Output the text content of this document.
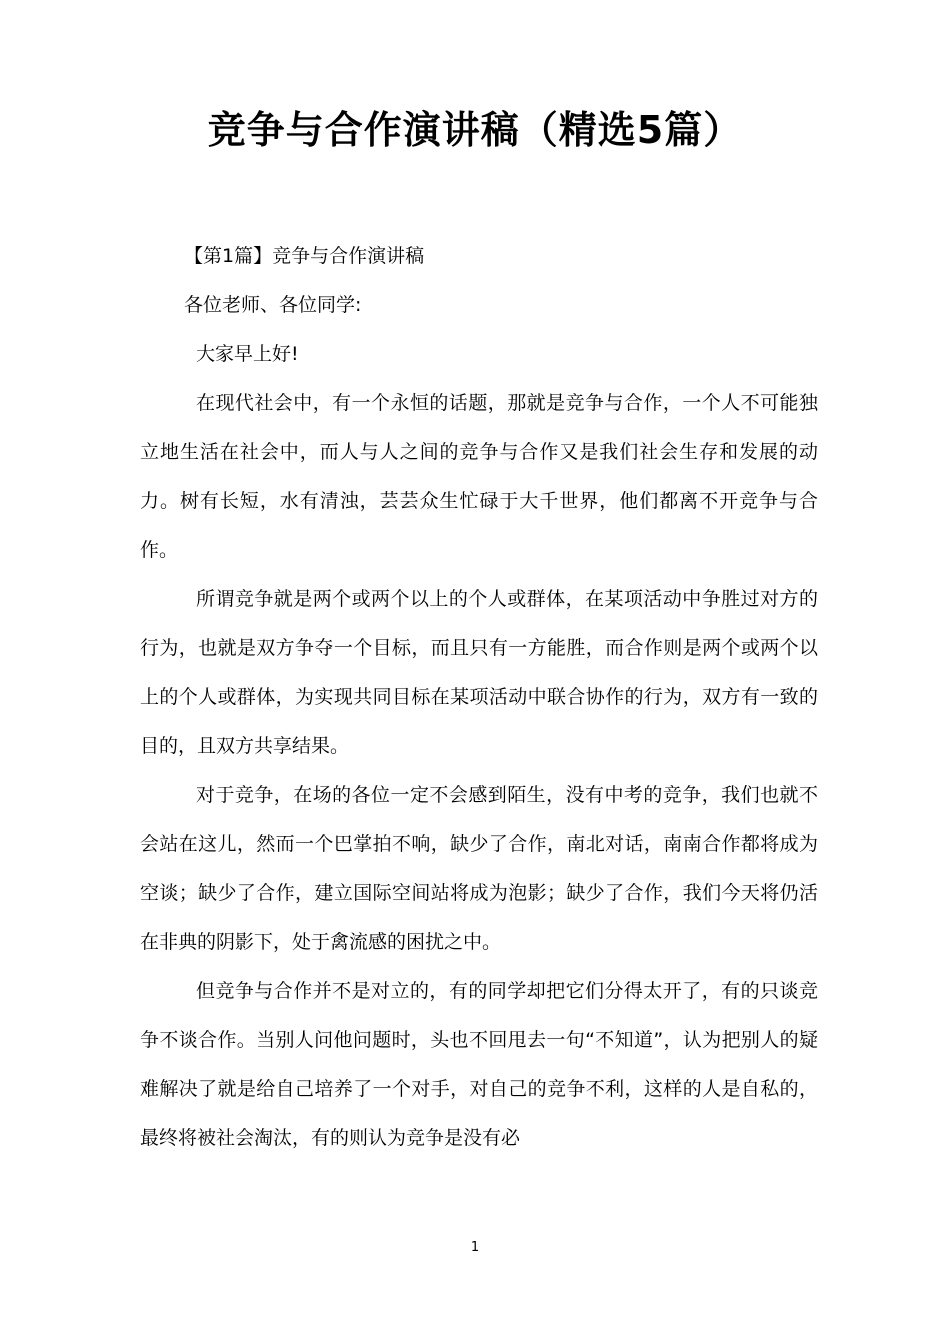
竞争与合作演讲稿（精选5篇）

【第1篇】竞争与合作演讲稿

各位老师、各位同学:

大家早上好!

在现代社会中，有一个永恒的话题，那就是竞争与合作，一个人不可能独立地生活在社会中，而人与人之间的竞争与合作又是我们社会生存和发展的动力。树有长短，水有清浊，芸芸众生忙碌于大千世界，他们都离不开竞争与合作。

所谓竞争就是两个或两个以上的个人或群体，在某项活动中争胜过对方的行为，也就是双方争夺一个目标，而且只有一方能胜，而合作则是两个或两个以上的个人或群体，为实现共同目标在某项活动中联合协作的行为，双方有一致的目的，且双方共享结果。

对于竞争，在场的各位一定不会感到陌生，没有中考的竞争，我们也就不会站在这儿，然而一个巴掌拍不响，缺少了合作，南北对话，南南合作都将成为空谈；缺少了合作，建立国际空间站将成为泡影；缺少了合作，我们今天将仍活在非典的阴影下，处于禽流感的困扰之中。

但竞争与合作并不是对立的，有的同学却把它们分得太开了，有的只谈竞争不谈合作。当别人问他问题时，头也不回甩去一句“不知道”，认为把别人的疑难解决了就是给自己培养了一个对手，对自己的竞争不利，这样的人是自私的，最终将被社会淘汰，有的则认为竞争是没有必

1
